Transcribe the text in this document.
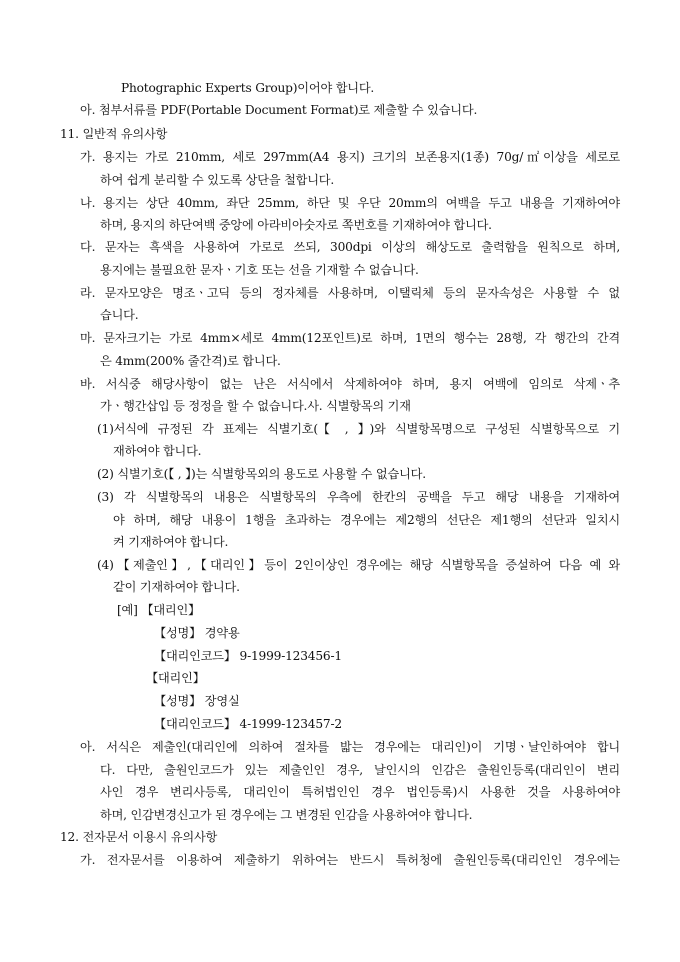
Photographic Experts Group)이어야 합니다.
아. 첨부서류를 PDF(Portable Document Format)로 제출할 수 있습니다.
11. 일반적 유의사항
가. 용지는 가로 210mm, 세로 297mm(A4 용지) 크기의 보존용지(1종) 70g/㎡이상을 세로로
하여 쉽게 분리할 수 있도록 상단을 철합니다.
나. 용지는 상단 40mm, 좌단 25mm, 하단 및 우단 20mm의 여백을 두고 내용을 기재하여야
하며, 용지의 하단여백 중앙에 아라비아숫자로 쪽번호를 기재하여야 합니다.
다. 문자는 흑색을 사용하여 가로로 쓰되, 300dpi 이상의 해상도로 출력함을 원칙으로 하며,
용지에는 불필요한 문자ㆍ기호 또는 선을 기재할 수 없습니다.
라. 문자모양은 명조ㆍ고딕 등의 정자체를 사용하며, 이탤릭체 등의 문자속성은 사용할 수 없
습니다.
마. 문자크기는 가로 4mm×세로 4mm(12포인트)로 하며, 1면의 행수는 28행, 각 행간의 간격
은 4mm(200% 줄간격)로 합니다.
바. 서식중 해당사항이 없는 난은 서식에서 삭제하여야 하며, 용지 여백에 임의로 삭제ㆍ추
가ㆍ행간삽입 등 정정을 할 수 없습니다.사. 식별항목의 기재
(1)서식에 규정된 각 표제는 식별기호(【 , 】)와 식별항목명으로 구성된 식별항목으로 기
재하여야 합니다.
(2) 식별기호(【 , 】)는 식별항목외의 용도로 사용할 수 없습니다.
(3) 각 식별항목의 내용은 식별항목의 우측에 한칸의 공백을 두고 해당 내용을 기재하여
야 하며, 해당 내용이 1행을 초과하는 경우에는 제2행의 선단은 제1행의 선단과 일치시
켜 기재하여야 합니다.
(4)【제출인】,【대리인】등이 2인이상인 경우에는 해당 식별항목을 증설하여 다음 예 와
같이 기재하여야 합니다.
[예] 【대리인】
【성명】 경약용
【대리인코드】 9-1999-123456-1
【대리인】
【성명】 장영실
【대리인코드】 4-1999-123457-2
아. 서식은 제출인(대리인에 의하여 절차를 밟는 경우에는 대리인)이 기명ㆍ날인하여야 합니
다. 다만, 출원인코드가 있는 제출인인 경우, 날인시의 인감은 출원인등록(대리인이 변리
사인 경우 변리사등록, 대리인이 특허법인인 경우 법인등록)시 사용한 것을 사용하여야
하며, 인감변경신고가 된 경우에는 그 변경된 인감을 사용하여야 합니다.
12. 전자문서 이용시 유의사항
가. 전자문서를 이용하여 제출하기 위하여는 반드시 특허청에 출원인등록(대리인인 경우에는
